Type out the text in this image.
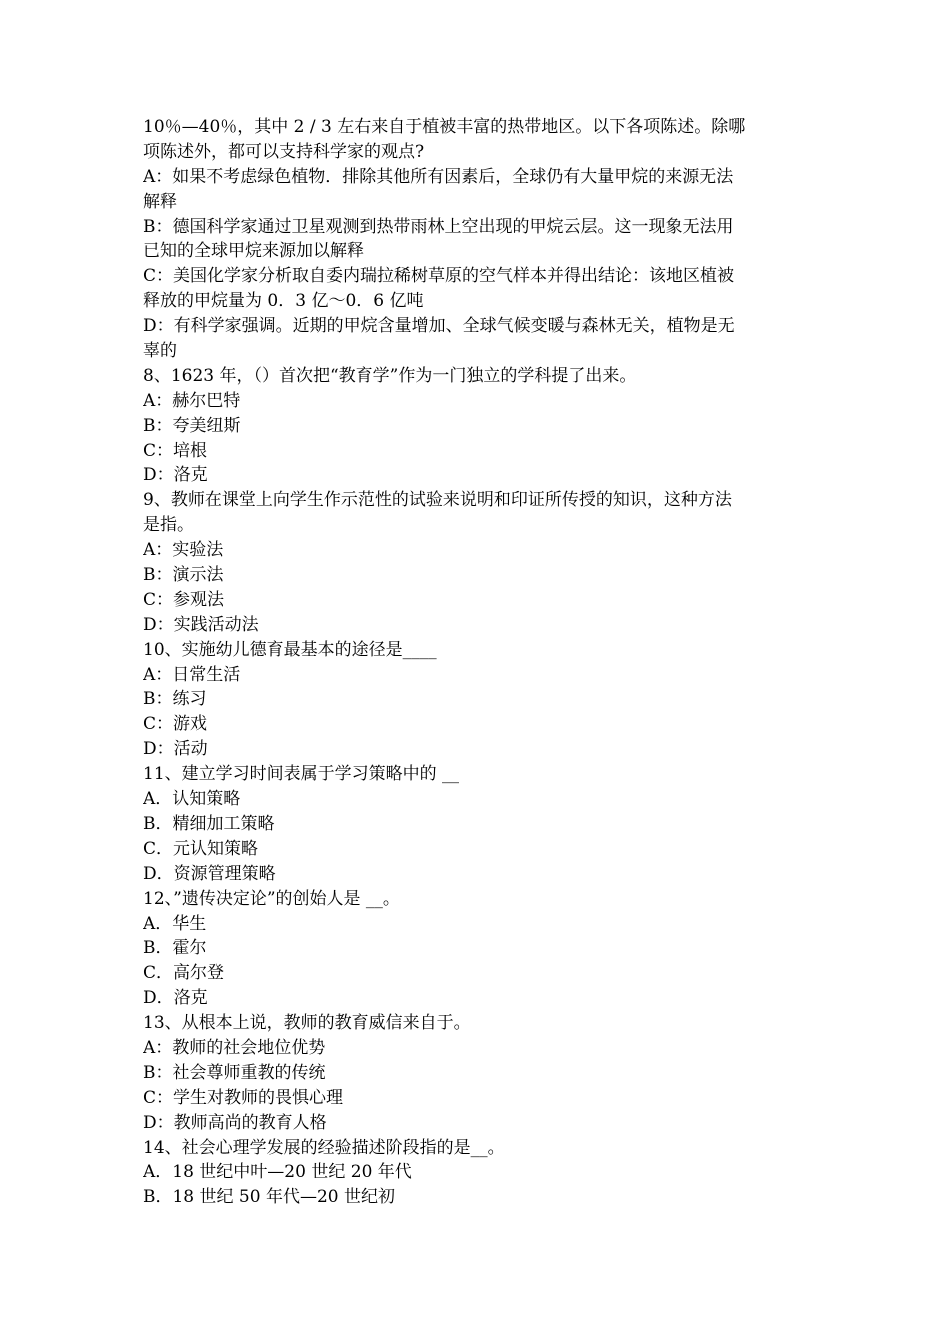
10％—40％，其中 2 / 3 左右来自于植被丰富的热带地区。以下各项陈述。除哪
项陈述外，都可以支持科学家的观点?
A：如果不考虑绿色植物．排除其他所有因素后，全球仍有大量甲烷的来源无法
解释
B：德国科学家通过卫星观测到热带雨林上空出现的甲烷云层。这一现象无法用
已知的全球甲烷来源加以解释
C：美国化学家分析取自委内瑞拉稀树草原的空气样本并得出结论：该地区植被
释放的甲烷量为 0．3 亿～0．6 亿吨
D：有科学家强调。近期的甲烷含量增加、全球气候变暖与森林无关，植物是无
辜的
8、1623 年，（）首次把“教育学”作为一门独立的学科提了出来。
A：赫尔巴特
B：夸美纽斯
C：培根
D：洛克
9、教师在课堂上向学生作示范性的试验来说明和印证所传授的知识，这种方法
是指。
A：实验法
B：演示法
C：参观法
D：实践活动法
10、实施幼儿德育最基本的途径是____
A：日常生活
B：练习
C：游戏
D：活动
11、建立学习时间表属于学习策略中的 __
A．认知策略
B．精细加工策略
C．元认知策略
D．资源管理策略
12、”遗传决定论”的创始人是 __。
A．华生
B．霍尔
C．高尔登
D．洛克
13、从根本上说，教师的教育威信来自于。
A：教师的社会地位优势
B：社会尊师重教的传统
C：学生对教师的畏惧心理
D：教师高尚的教育人格
14、社会心理学发展的经验描述阶段指的是__。
A．18 世纪中叶—20 世纪 20 年代
B．18 世纪 50 年代—20 世纪初
